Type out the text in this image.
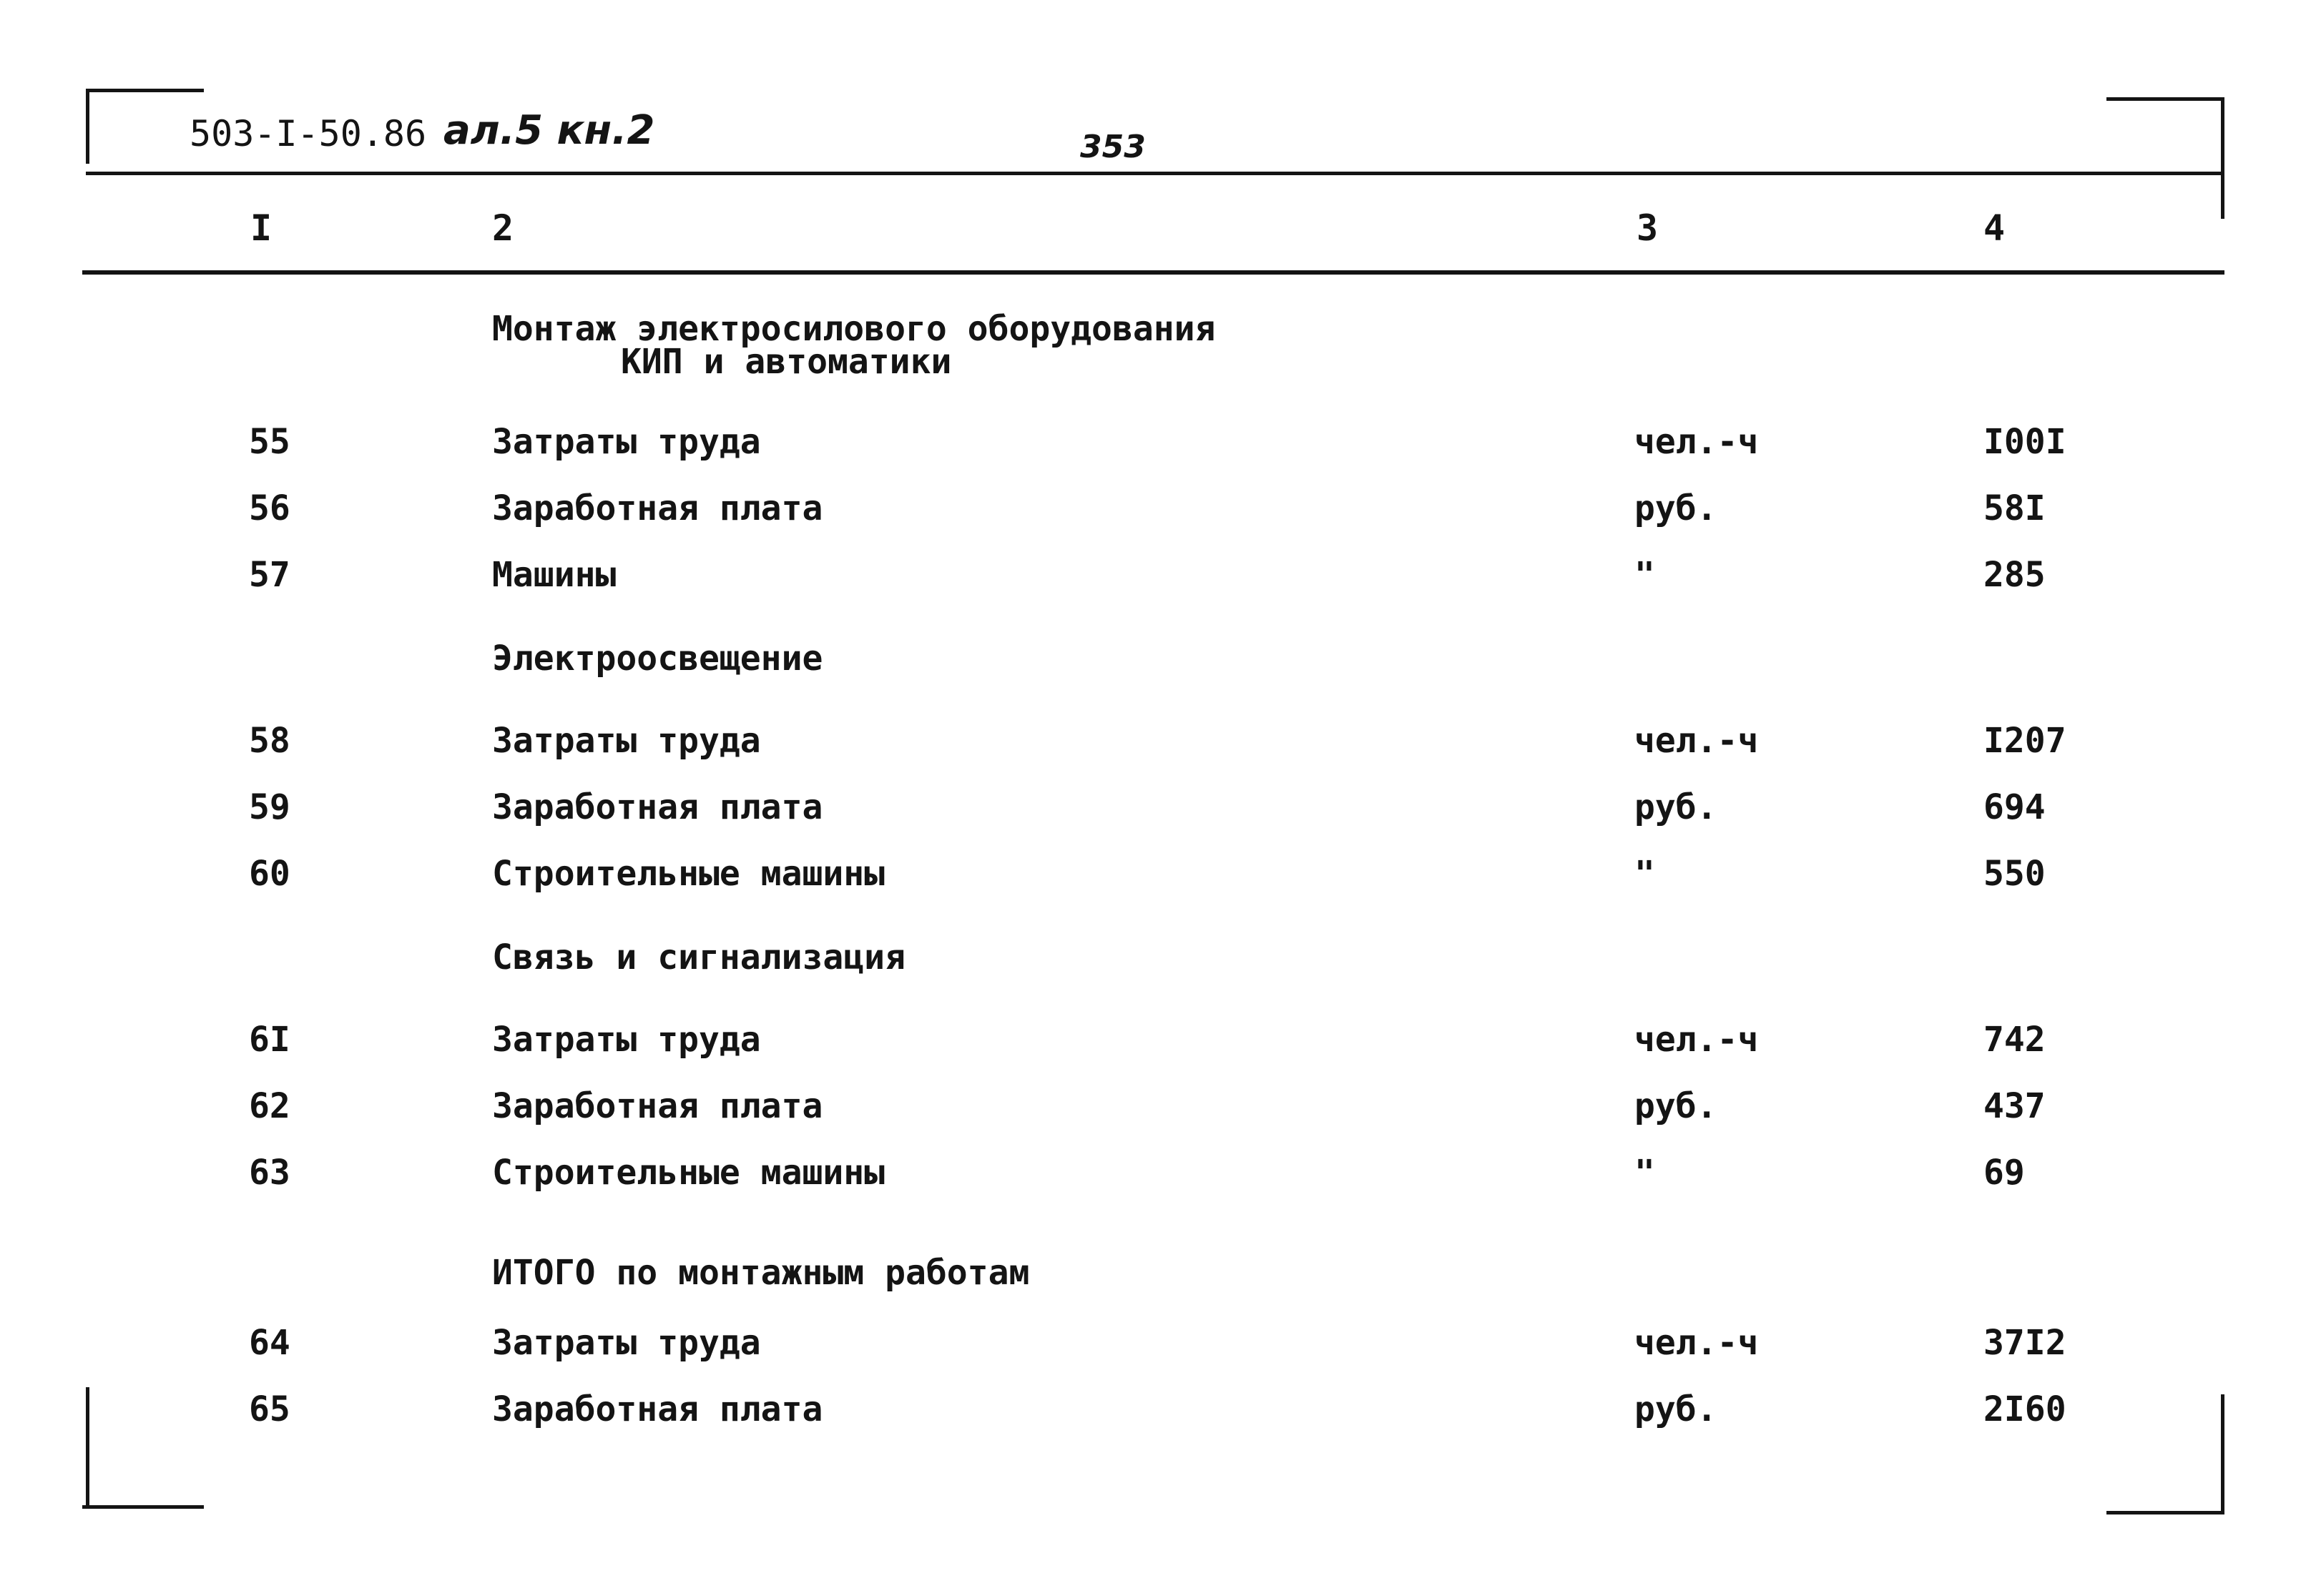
503-I-50.86 ал.5 кн.2	353
I	2	3	4
Монтаж электросилового оборудования
КИП и автоматики
55	Затраты труда	чел.-ч	I00I
56	Заработная плата	руб.	58I
57	Машины	"	285
Электроосвещение
58	Затраты труда	чел.-ч	I207
59	Заработная плата	руб.	694
60	Строительные машины	"	550
Связь и сигнализация
6I	Затраты труда	чел.-ч	742
62	Заработная плата	руб.	437
63	Строительные машины	"	69
ИТОГО по монтажным работам
64	Затраты труда	чел.-ч	37I2
65	Заработная плата	руб.	2I60
